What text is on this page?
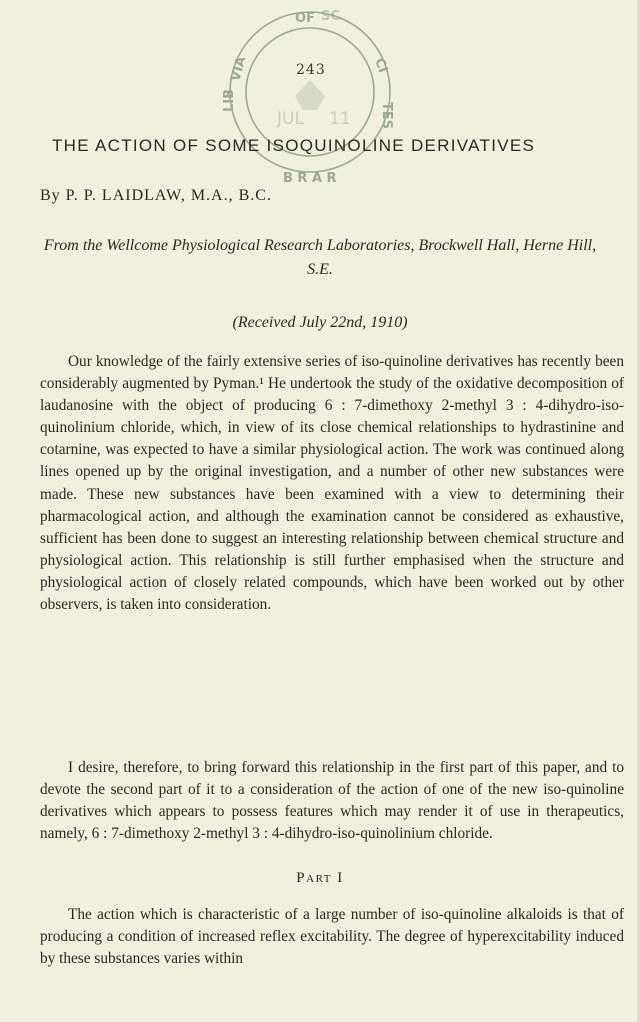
OF SC
VIA
LIB
CI
TES
B R A R
JUL 11
243
THE ACTION OF SOME ISOQUINOLINE DERIVATIVES
By P. P. LAIDLAW, M.A., B.C.
From the Wellcome Physiological Research Laboratories, Brockwell Hall, Herne Hill, S.E.
(Received July 22nd, 1910)

Our knowledge of the fairly extensive series of iso-quinoline derivatives has recently been considerably augmented by Pyman.¹ He undertook the study of the oxidative decomposition of laudanosine with the object of producing 6 : 7-dimethoxy 2-methyl 3 : 4-dihydro-iso-quinolinium chloride, which, in view of its close chemical relationships to hydrastinine and cotarnine, was expected to have a similar physiological action. The work was continued along lines opened up by the original investigation, and a number of other new substances were made. These new substances have been examined with a view to determining their pharmacological action, and although the examination cannot be considered as exhaustive, sufficient has been done to suggest an interesting relationship between chemical structure and physiological action. This relationship is still further emphasised when the structure and physiological action of closely related compounds, which have been worked out by other observers, is taken into consideration.

I desire, therefore, to bring forward this relationship in the first part of this paper, and to devote the second part of it to a consideration of the action of one of the new iso-quinoline derivatives which appears to possess features which may render it of use in therapeutics, namely, 6 : 7-dimethoxy 2-methyl 3 : 4-dihydro-iso-quinolinium chloride.

Part I

The action which is characteristic of a large number of iso-quinoline alkaloids is that of producing a condition of increased reflex excitability. The degree of hyperexcitability induced by these substances varies within
